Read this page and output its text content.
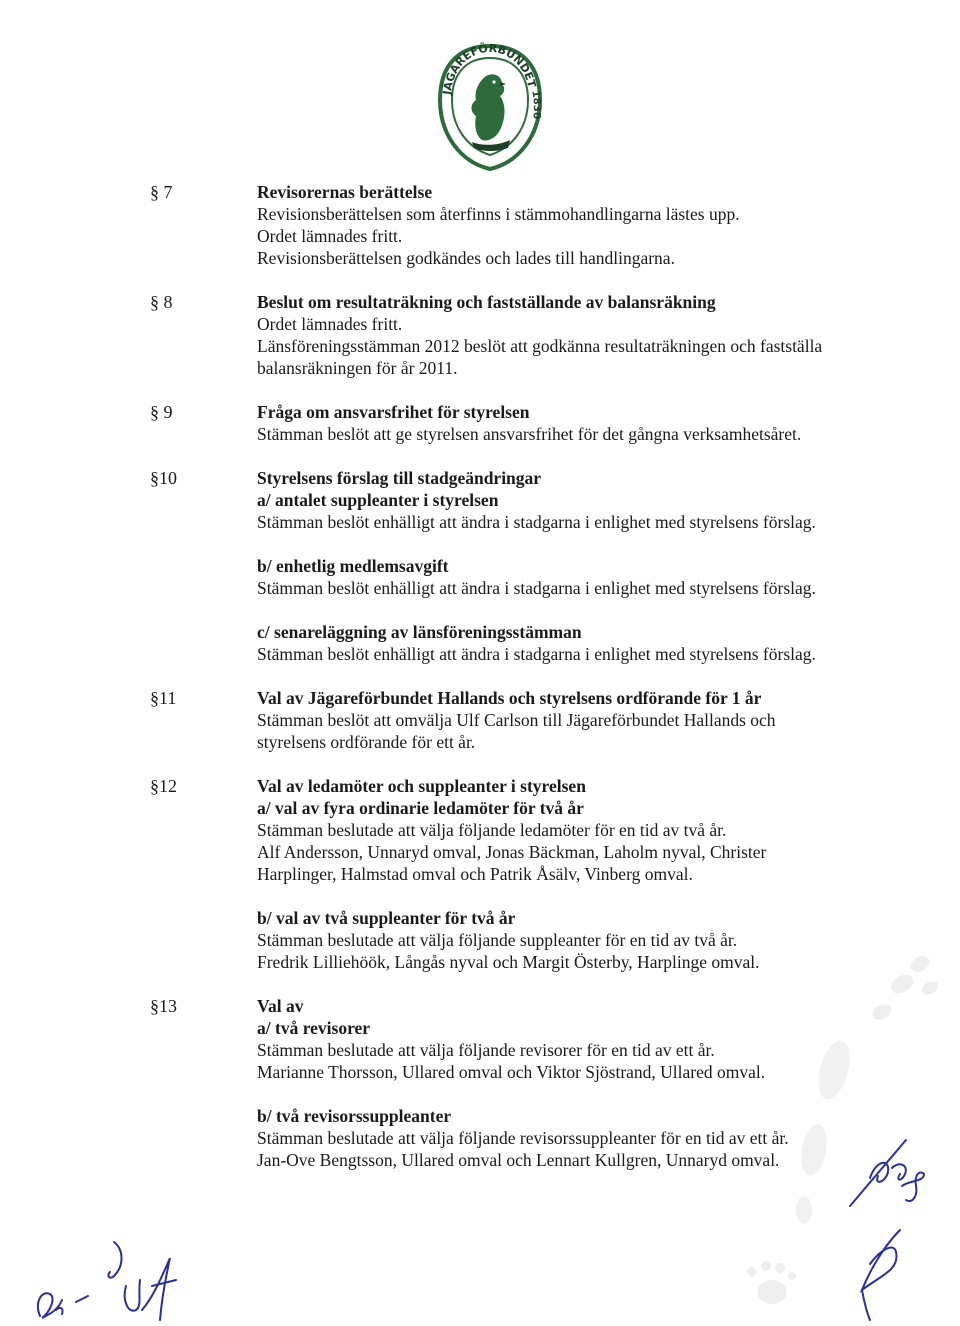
JÄGAREFÖRBUNDET
1830
§ 7	Revisorernas berättelse

Revisionsberättelsen som återfinns i stämmohandlingarna lästes upp.

Ordet lämnades fritt.

Revisionsberättelsen godkändes och lades till handlingarna.

§ 8	Beslut om resultaträkning och fastställande av balansräkning

Ordet lämnades fritt.

Länsföreningsstämman 2012 beslöt att godkänna resultaträkningen och fastställa

balansräkningen för år 2011.

§ 9	Fråga om ansvarsfrihet för styrelsen

Stämman beslöt att ge styrelsen ansvarsfrihet för det gångna verksamhetsåret.

§10	Styrelsens förslag till stadgeändringar

a/ antalet suppleanter i styrelsen

Stämman beslöt enhälligt att ändra i stadgarna i enlighet med styrelsens förslag.

b/ enhetlig medlemsavgift

Stämman beslöt enhälligt att ändra i stadgarna i enlighet med styrelsens förslag.

c/ senareläggning av länsföreningsstämman

Stämman beslöt enhälligt att ändra i stadgarna i enlighet med styrelsens förslag.

§11	Val av Jägareförbundet Hallands och styrelsens ordförande för 1 år

Stämman beslöt att omvälja Ulf Carlson till Jägareförbundet Hallands och

styrelsens ordförande för ett år.

§12	Val av ledamöter och suppleanter i styrelsen

a/ val av fyra ordinarie ledamöter för två år

Stämman beslutade att välja följande ledamöter för en tid av två år.

Alf Andersson, Unnaryd omval, Jonas Bäckman, Laholm nyval, Christer

Harplinger, Halmstad omval och Patrik Åsälv, Vinberg omval.

b/ val av två suppleanter för två år

Stämman beslutade att välja följande suppleanter för en tid av två år.

Fredrik Lilliehöök, Långås nyval och Margit Österby, Harplinge omval.

§13	Val av

a/ två revisorer

Stämman beslutade att välja följande revisorer för en tid av ett år.

Marianne Thorsson, Ullared omval och Viktor Sjöstrand, Ullared omval.

b/ två revisorssuppleanter

Stämman beslutade att välja följande revisorssuppleanter för en tid av ett år.

Jan-Ove Bengtsson, Ullared omval och Lennart Kullgren, Unnaryd omval.
